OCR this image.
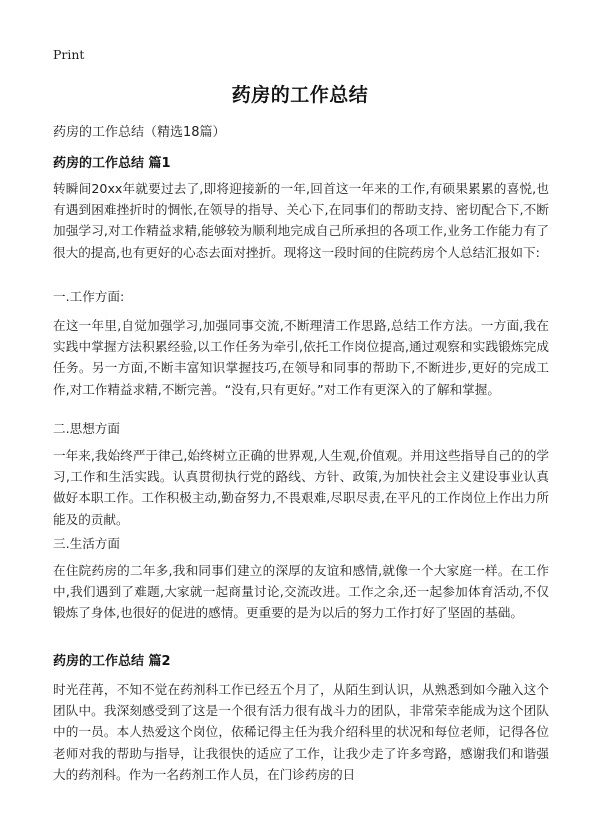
Print
药房的工作总结
药房的工作总结（精选18篇）
药房的工作总结 篇1
转瞬间20xx年就要过去了,即将迎接新的一年,回首这一年来的工作,有硕果累累的喜悦,也有遇到困难挫折时的惆怅,在领导的指导、关心下,在同事们的帮助支持、密切配合下,不断加强学习,对工作精益求精,能够较为顺利地完成自己所承担的各项工作,业务工作能力有了很大的提高,也有更好的心态去面对挫折。现将这一段时间的住院药房个人总结汇报如下:
一.工作方面:
在这一年里,自觉加强学习,加强同事交流,不断理清工作思路,总结工作方法。一方面,我在实践中掌握方法积累经验,以工作任务为牵引,依托工作岗位提高,通过观察和实践锻炼完成任务。另一方面,不断丰富知识掌握技巧,在领导和同事的帮助下,不断进步,更好的完成工作,对工作精益求精,不断完善。“没有,只有更好。”对工作有更深入的了解和掌握。
二.思想方面
一年来,我始终严于律己,始终树立正确的世界观,人生观,价值观。并用这些指导自己的的学习,工作和生活实践。认真贯彻执行党的路线、方针、政策,为加快社会主义建设事业认真做好本职工作。工作积极主动,勤奋努力,不畏艰难,尽职尽责,在平凡的工作岗位上作出力所能及的贡献。
三.生活方面
在住院药房的二年多,我和同事们建立的深厚的友谊和感情,就像一个大家庭一样。在工作中,我们遇到了难题,大家就一起商量讨论,交流改进。工作之余,还一起参加体育活动,不仅锻炼了身体,也很好的促进的感情。更重要的是为以后的努力工作打好了坚固的基础。
药房的工作总结 篇2
时光荏苒，不知不觉在药剂科工作已经五个月了，从陌生到认识，从熟悉到如今融入这个团队中。我深刻感受到了这是一个很有活力很有战斗力的团队，非常荣幸能成为这个团队中的一员。本人热爱这个岗位，依稀记得主任为我介绍科里的状况和每位老师，记得各位老师对我的帮助与指导，让我很快的适应了工作，让我少走了许多弯路，感谢我们和谐强大的药剂科。作为一名药剂工作人员，在门诊药房的日
